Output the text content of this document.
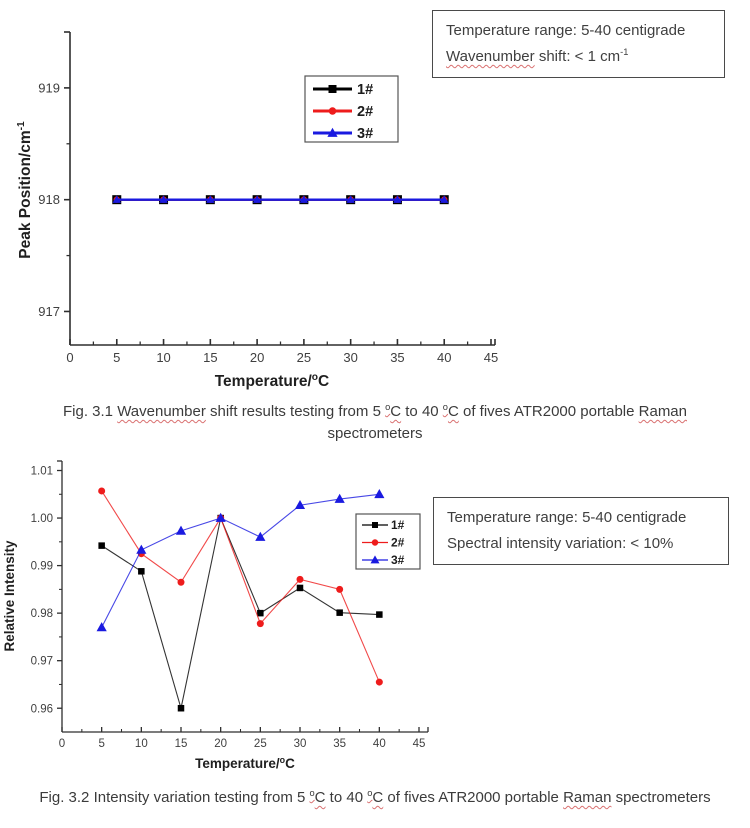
917
918
919
0	5	10 15 20 25 30 35 40 45
Temperature/$^o$C
Peak Position/$cm^{-1}$
1#
2#
3#
Temperature range: 5-40 centigrade
Wavenumber shift: < 1 $cm^{-1}$
Fig. 3.1 Wavenumber shift results testing from 5 $^o$C to 40 $^o$C of fives ATR2000 portable Raman
spectrometers
0.96
0.97
0.98
0.99
1.00
1.01
0	5	10 15 20 25 30 35 40 45
Temperature/$^o$C
Relative Intensity
1#
2#
3#
Temperature range: 5-40 centigrade
Spectral intensity variation: < 10%
Fig. 3.2 Intensity variation testing from 5 $^o$C to 40 $^o$C of fives ATR2000 portable Raman spectrometers
